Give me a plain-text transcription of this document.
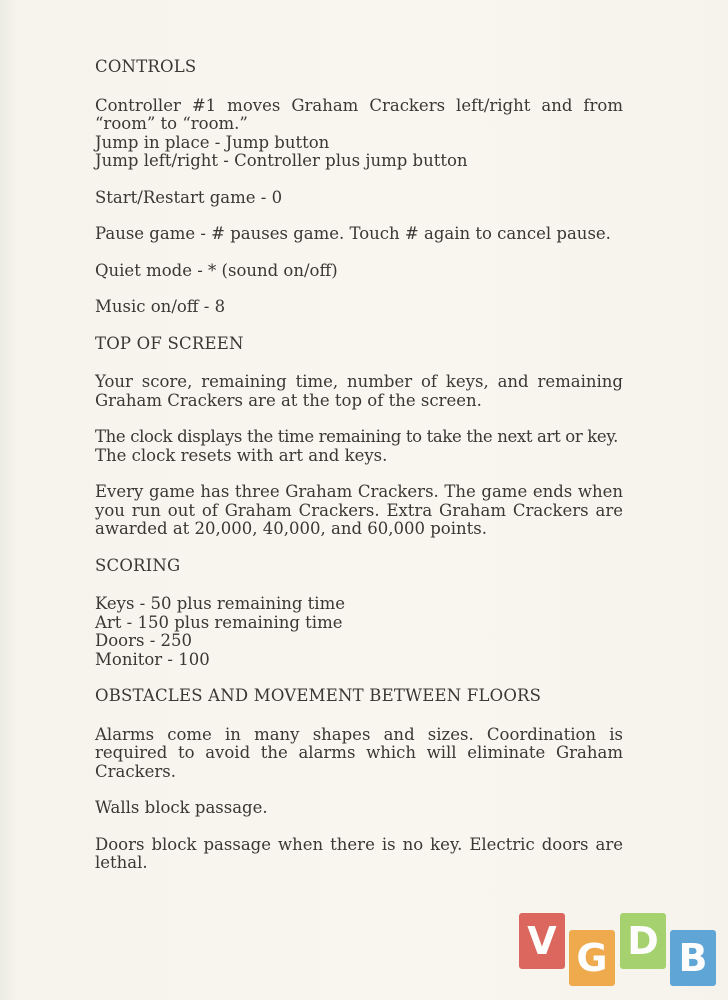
CONTROLS
Controller #1 moves Graham Crackers left/right and from
“room” to “room.”
Jump in place - Jump button
Jump left/right - Controller plus jump button
Start/Restart game - 0
Pause game - # pauses game. Touch # again to cancel pause.
Quiet mode - * (sound on/off)
Music on/off - 8
TOP OF SCREEN
Your score, remaining time, number of keys, and remaining
Graham Crackers are at the top of the screen.
The clock displays the time remaining to take the next art or key.
The clock resets with art and keys.
Every game has three Graham Crackers. The game ends when
you run out of Graham Crackers. Extra Graham Crackers are
awarded at 20,000, 40,000, and 60,000 points.
SCORING
Keys - 50 plus remaining time
Art - 150 plus remaining time
Doors - 250
Monitor - 100
OBSTACLES AND MOVEMENT BETWEEN FLOORS
Alarms come in many shapes and sizes. Coordination is
required to avoid the alarms which will eliminate Graham
Crackers.
Walls block passage.
Doors block passage when there is no key. Electric doors are
lethal.
V G D B
